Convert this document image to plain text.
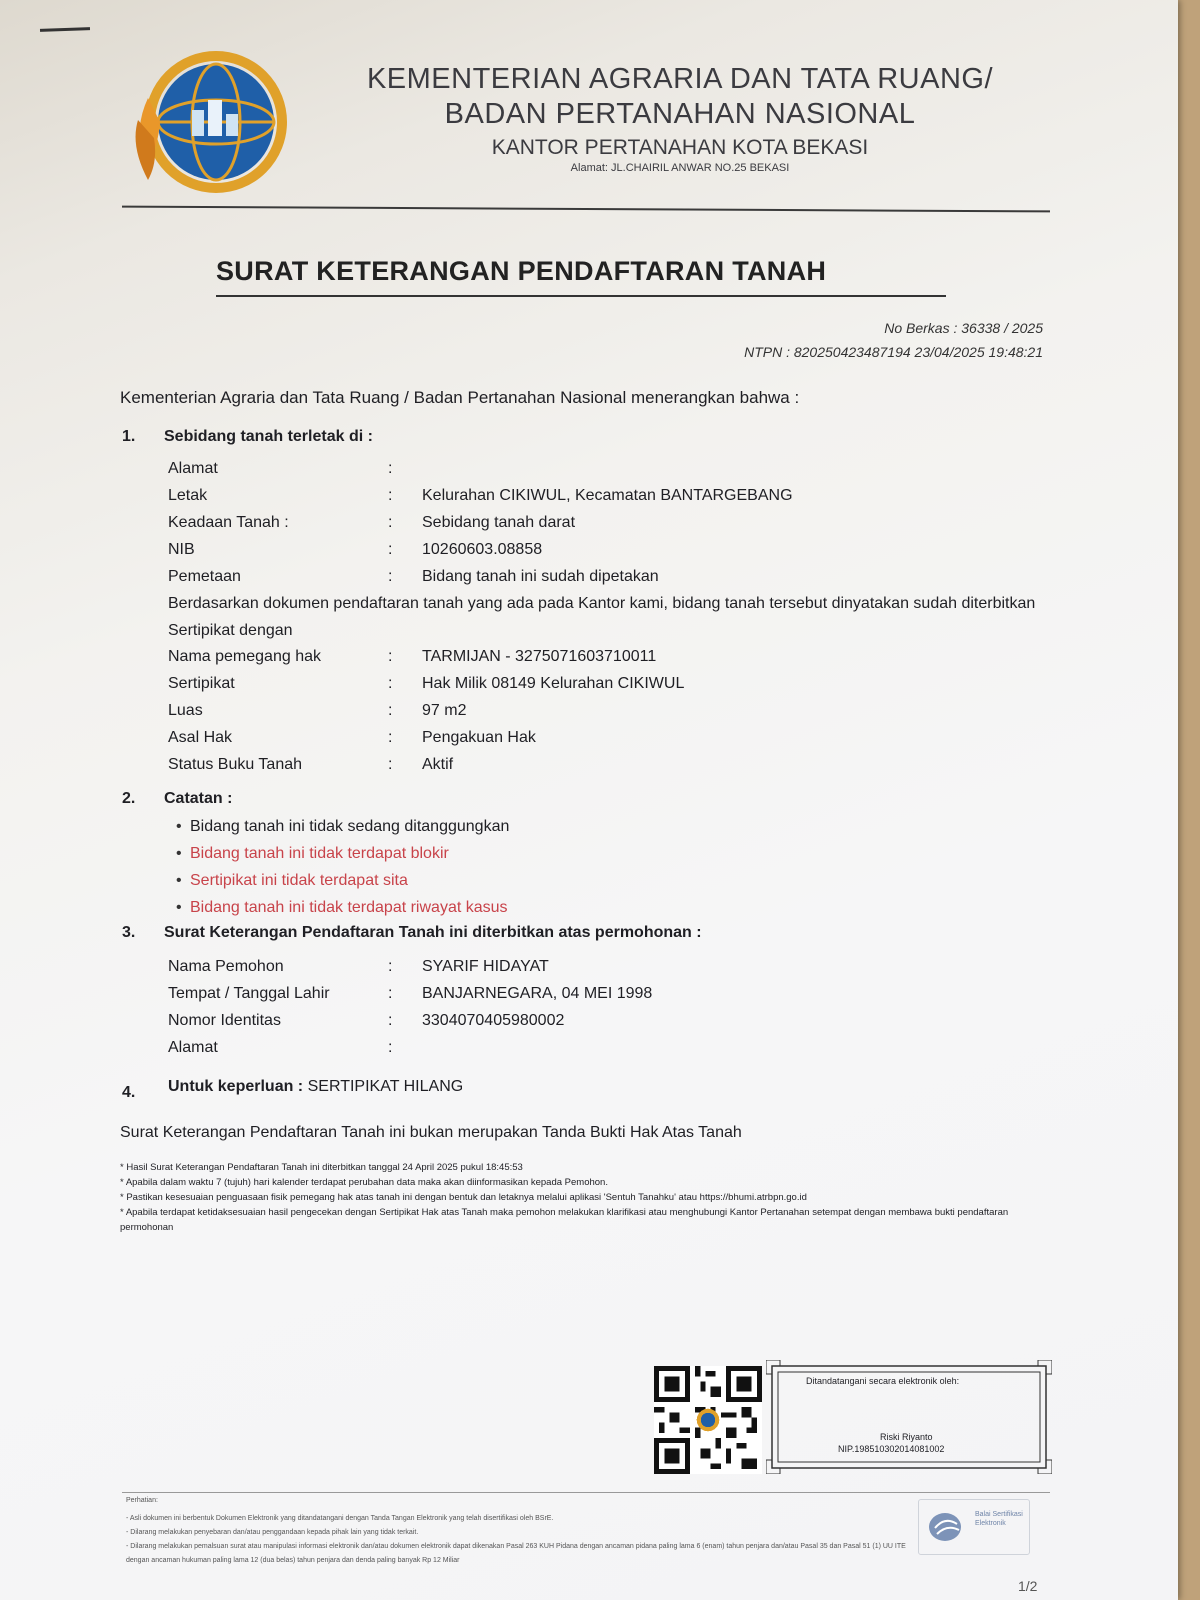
KEMENTERIAN AGRARIA DAN TATA RUANG/
BADAN PERTANAHAN NASIONAL
KANTOR PERTANAHAN KOTA BEKASI
Alamat: JL.CHAIRIL ANWAR NO.25 BEKASI
SURAT KETERANGAN PENDAFTARAN TANAH
No Berkas : 36338 / 2025
NTPN : 820250423487194 23/04/2025 19:48:21
Kementerian Agraria dan Tata Ruang / Badan Pertanahan Nasional menerangkan bahwa :
1. Sebidang tanah terletak di :
Alamat	:
Letak	: Kelurahan CIKIWUL, Kecamatan BANTARGEBANG
Keadaan Tanah :	: Sebidang tanah darat
NIB	: 10260603.08858
Pemetaan	: Bidang tanah ini sudah dipetakan
Berdasarkan dokumen pendaftaran tanah yang ada pada Kantor kami, bidang tanah tersebut dinyatakan sudah diterbitkan Sertipikat dengan
Nama pemegang hak	: TARMIJAN - 3275071603710011
Sertipikat	: Hak Milik 08149 Kelurahan CIKIWUL
Luas	: 97 m2
Asal Hak	: Pengakuan Hak
Status Buku Tanah	: Aktif
2. Catatan :
• Bidang tanah ini tidak sedang ditanggungkan
• Bidang tanah ini tidak terdapat blokir
• Sertipikat ini tidak terdapat sita
• Bidang tanah ini tidak terdapat riwayat kasus
3. Surat Keterangan Pendaftaran Tanah ini diterbitkan atas permohonan :
Nama Pemohon	: SYARIF HIDAYAT
Tempat / Tanggal Lahir	: BANJARNEGARA, 04 MEI 1998
Nomor Identitas	: 3304070405980002
Alamat	:
4. Untuk keperluan : SERTIPIKAT HILANG
Surat Keterangan Pendaftaran Tanah ini bukan merupakan Tanda Bukti Hak Atas Tanah
* Hasil Surat Keterangan Pendaftaran Tanah ini diterbitkan tanggal 24 April 2025 pukul 18:45:53
* Apabila dalam waktu 7 (tujuh) hari kalender terdapat perubahan data maka akan diinformasikan kepada Pemohon.
* Pastikan kesesuaian penguasaan fisik pemegang hak atas tanah ini dengan bentuk dan letaknya melalui aplikasi 'Sentuh Tanahku' atau https://bhumi.atrbpn.go.id
* Apabila terdapat ketidaksesuaian hasil pengecekan dengan Sertipikat Hak atas Tanah maka pemohon melakukan klarifikasi atau menghubungi Kantor Pertanahan setempat dengan membawa bukti pendaftaran permohonan
Ditandatangani secara elektronik oleh:
Riski Riyanto
NIP.198510302014081002
Perhatian:
- Asli dokumen ini berbentuk Dokumen Elektronik yang ditandatangani dengan Tanda Tangan Elektronik yang telah disertifikasi oleh BSrE.
- Dilarang melakukan penyebaran dan/atau penggandaan kepada pihak lain yang tidak terkait.
- Dilarang melakukan pemalsuan surat atau manipulasi informasi elektronik dan/atau dokumen elektronik dapat dikenakan Pasal 263 KUH Pidana dengan ancaman pidana paling lama 6 (enam) tahun penjara dan/atau Pasal 35 dan Pasal 51 (1) UU ITE dengan ancaman hukuman paling lama 12 (dua belas) tahun penjara dan denda paling banyak Rp 12 Miliar
Balai Sertifikasi Elektronik
1/2
